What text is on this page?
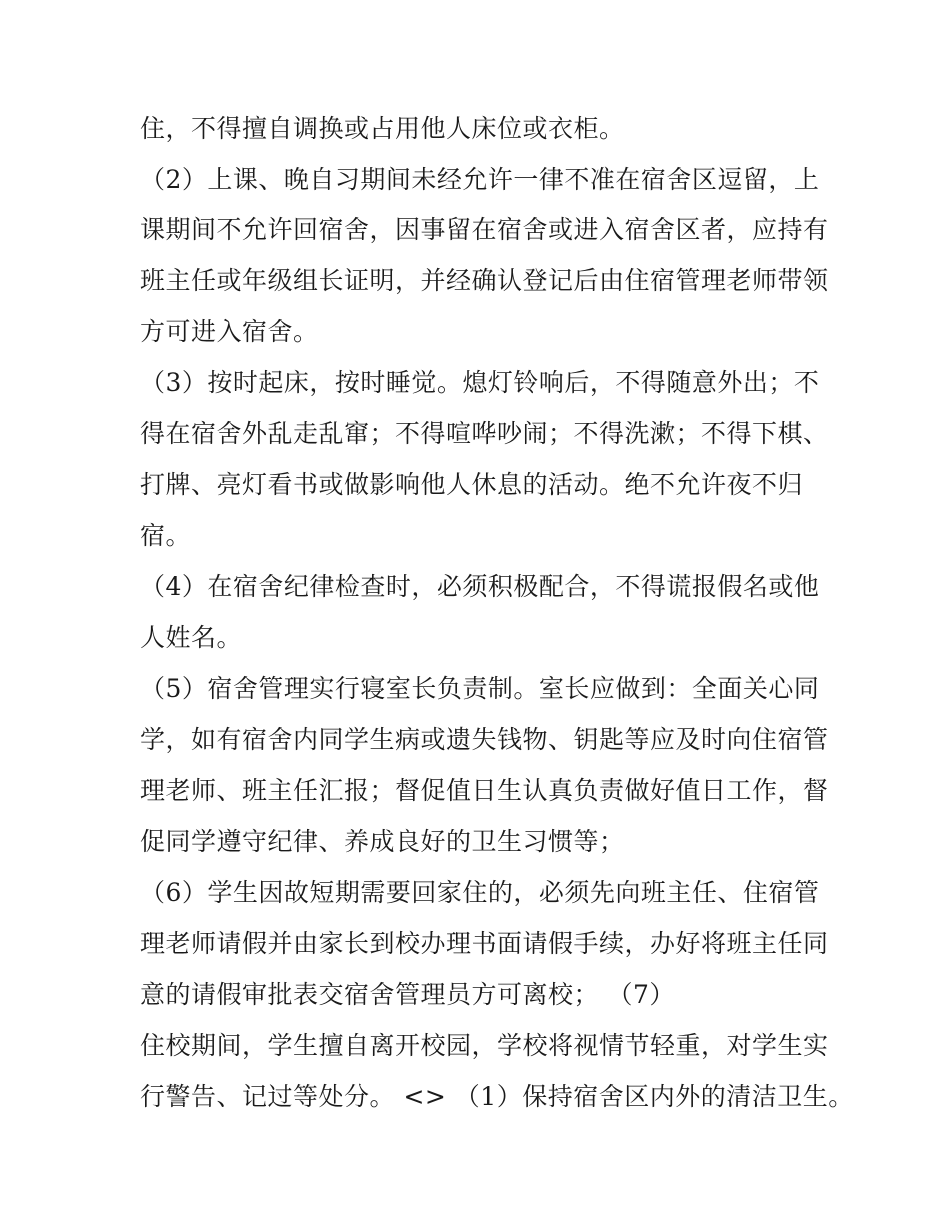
住，不得擅自调换或占用他人床位或衣柜。
（2）上课、晚自习期间未经允许一律不准在宿舍区逗留，上
课期间不允许回宿舍，因事留在宿舍或进入宿舍区者，应持有
班主任或年级组长证明，并经确认登记后由住宿管理老师带领
方可进入宿舍。
（3）按时起床，按时睡觉。熄灯铃响后，不得随意外出；不
得在宿舍外乱走乱窜；不得喧哗吵闹；不得洗漱；不得下棋、
打牌、亮灯看书或做影响他人休息的活动。绝不允许夜不归
宿。
（4）在宿舍纪律检查时，必须积极配合，不得谎报假名或他
人姓名。
（5）宿舍管理实行寝室长负责制。室长应做到：全面关心同
学，如有宿舍内同学生病或遗失钱物、钥匙等应及时向住宿管
理老师、班主任汇报；督促值日生认真负责做好值日工作，督
促同学遵守纪律、养成良好的卫生习惯等；
（6）学生因故短期需要回家住的，必须先向班主任、住宿管
理老师请假并由家长到校办理书面请假手续，办好将班主任同
意的请假审批表交宿舍管理员方可离校； （7）
住校期间，学生擅自离开校园，学校将视情节轻重，对学生实
行警告、记过等处分。 <> （1）保持宿舍区内外的清洁卫生。
